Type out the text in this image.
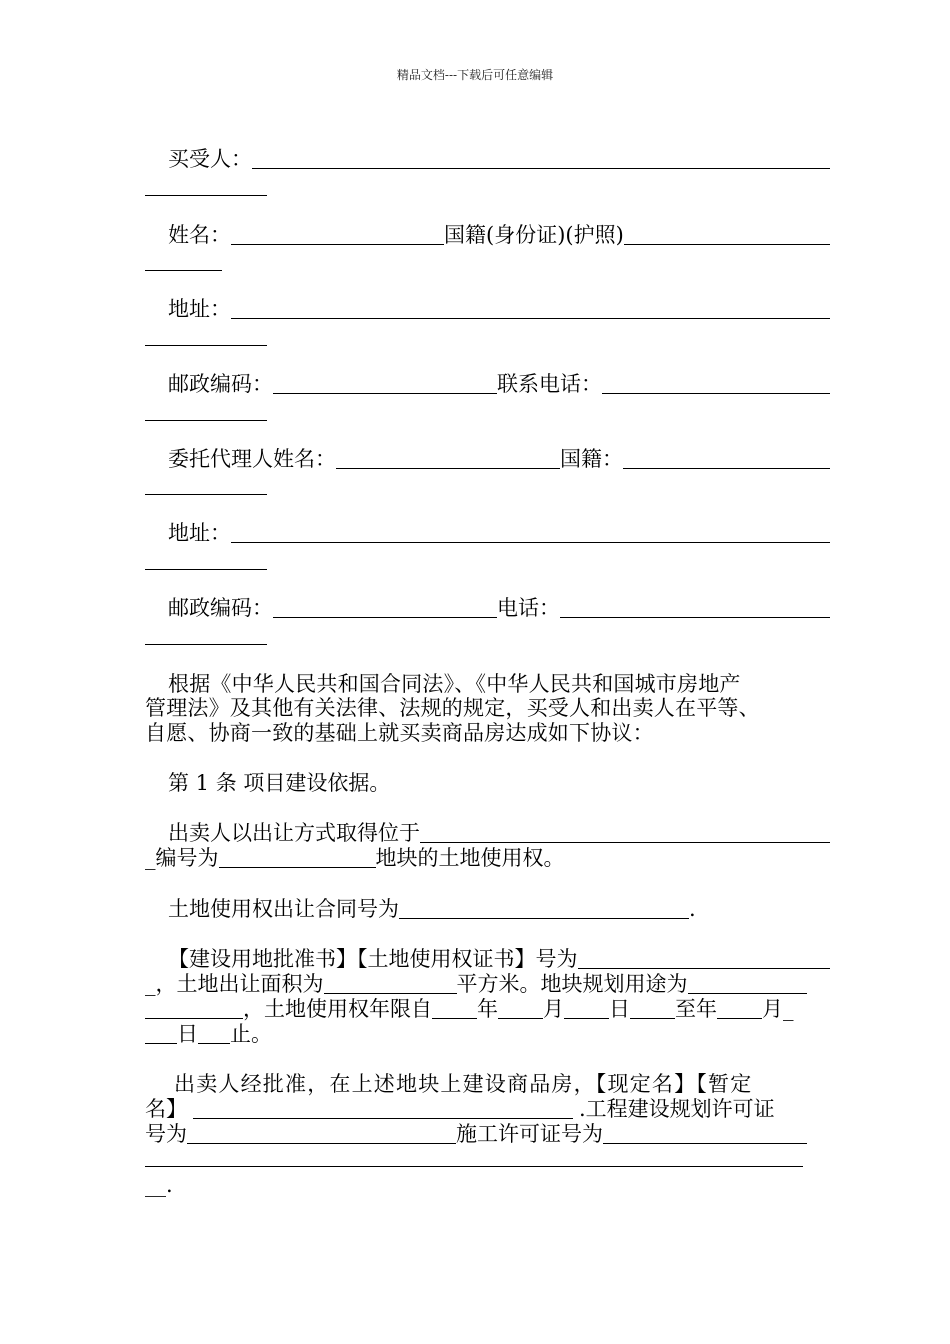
精品文档---下载后可任意编辑
买受人：
姓名：	国籍(身份证)(护照)
地址：
邮政编码：	联系电话：
委托代理人姓名：	国籍：
地址：
邮政编码：	电话：
根据《中华人民共和国合同法》、《中华人民共和国城市房地产
管理法》及其他有关法律、法规的规定，买受人和出卖人在平等、
自愿、协商一致的基础上就买卖商品房达成如下协议：
第 1 条 项目建设依据。
出卖人以出让方式取得位于
_编号为	地块的土地使用权。
土地使用权出让合同号为	.
【建设用地批准书】【土地使用权证书】号为
_，土地出让面积为	平方米。地块规划用途为
，土地使用权年限自 年 月 日 至年 月_
日 止。
出卖人经批准，在上述地块上建设商品房，【现定名】【暂定
名】	.工程建设规划许可证
号为	施工许可证号为
__.
